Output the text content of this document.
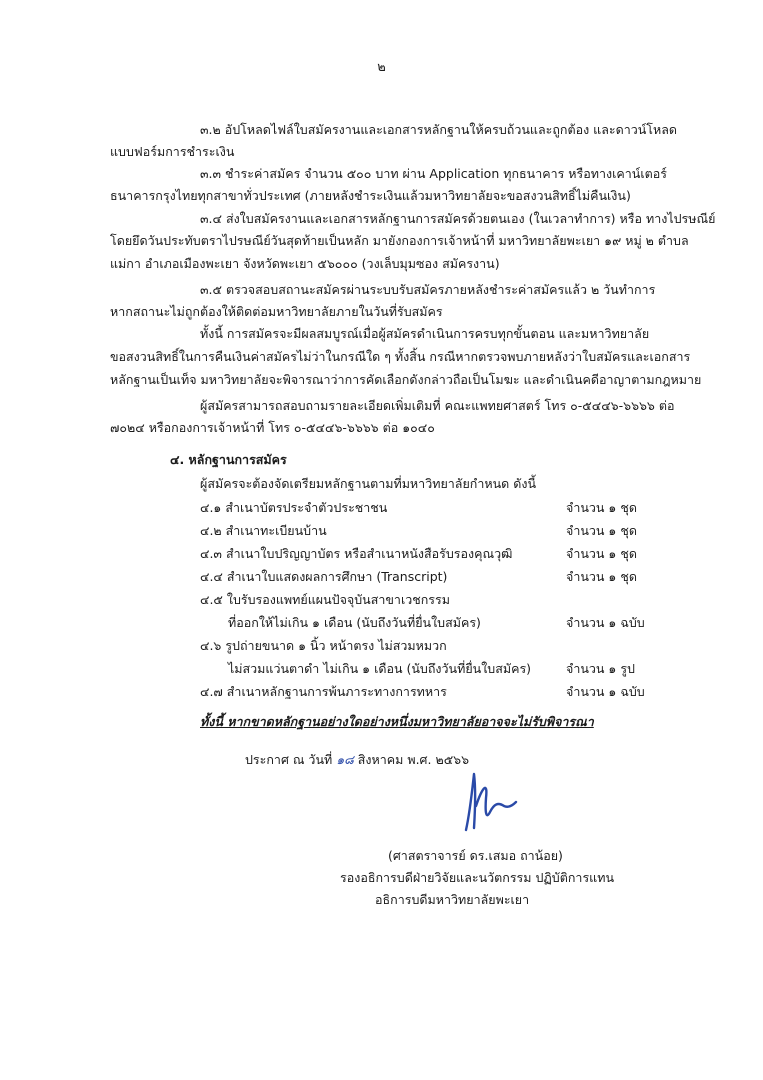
๒
๓.๒ อัปโหลดไฟล์ใบสมัครงานและเอกสารหลักฐานให้ครบถ้วนและถูกต้อง และดาวน์โหลด
แบบฟอร์มการชำระเงิน
๓.๓ ชำระค่าสมัคร จำนวน ๕๐๐ บาท ผ่าน Application ทุกธนาคาร หรือทางเคาน์เตอร์
ธนาคารกรุงไทยทุกสาขาทั่วประเทศ (ภายหลังชำระเงินแล้วมหาวิทยาลัยจะขอสงวนสิทธิ์ไม่คืนเงิน)
๓.๔ ส่งใบสมัครงานและเอกสารหลักฐานการสมัครด้วยตนเอง (ในเวลาทำการ) หรือ ทางไปรษณีย์
โดยยึดวันประทับตราไปรษณีย์วันสุดท้ายเป็นหลัก มายังกองการเจ้าหน้าที่ มหาวิทยาลัยพะเยา ๑๙ หมู่ ๒ ตำบล
แม่กา อำเภอเมืองพะเยา จังหวัดพะเยา ๕๖๐๐๐ (วงเล็บมุมซอง สมัครงาน)
๓.๕ ตรวจสอบสถานะสมัครผ่านระบบรับสมัครภายหลังชำระค่าสมัครแล้ว ๒ วันทำการ
หากสถานะไม่ถูกต้องให้ติดต่อมหาวิทยาลัยภายในวันที่รับสมัคร
ทั้งนี้ การสมัครจะมีผลสมบูรณ์เมื่อผู้สมัครดำเนินการครบทุกขั้นตอน และมหาวิทยาลัย
ขอสงวนสิทธิ์ในการคืนเงินค่าสมัครไม่ว่าในกรณีใด ๆ ทั้งสิ้น กรณีหากตรวจพบภายหลังว่าใบสมัครและเอกสาร
หลักฐานเป็นเท็จ มหาวิทยาลัยจะพิจารณาว่าการคัดเลือกดังกล่าวถือเป็นโมฆะ และดำเนินคดีอาญาตามกฎหมาย
ผู้สมัครสามารถสอบถามรายละเอียดเพิ่มเติมที่ คณะแพทยศาสตร์ โทร ๐-๕๔๔๖-๖๖๖๖ ต่อ
๗๐๒๔ หรือกองการเจ้าหน้าที่ โทร ๐-๕๔๔๖-๖๖๖๖ ต่อ ๑๐๔๐
๔. หลักฐานการสมัคร
ผู้สมัครจะต้องจัดเตรียมหลักฐานตามที่มหาวิทยาลัยกำหนด ดังนี้
๔.๑ สำเนาบัตรประจำตัวประชาชน	จำนวน ๑ ชุด
๔.๒ สำเนาทะเบียนบ้าน	จำนวน ๑ ชุด
๔.๓ สำเนาใบปริญญาบัตร หรือสำเนาหนังสือรับรองคุณวุฒิ	จำนวน ๑ ชุด
๔.๔ สำเนาใบแสดงผลการศึกษา (Transcript)	จำนวน ๑ ชุด
๔.๕ ใบรับรองแพทย์แผนปัจจุบันสาขาเวชกรรม
ที่ออกให้ไม่เกิน ๑ เดือน (นับถึงวันที่ยื่นใบสมัคร)	จำนวน ๑ ฉบับ
๔.๖ รูปถ่ายขนาด ๑ นิ้ว หน้าตรง ไม่สวมหมวก
ไม่สวมแว่นตาดำ ไม่เกิน ๑ เดือน (นับถึงวันที่ยื่นใบสมัคร)	จำนวน ๑ รูป
๔.๗ สำเนาหลักฐานการพ้นภาระทางการทหาร	จำนวน ๑ ฉบับ
ทั้งนี้ หากขาดหลักฐานอย่างใดอย่างหนึ่งมหาวิทยาลัยอาจจะไม่รับพิจารณา
ประกาศ ณ วันที่ ๑๘ สิงหาคม พ.ศ. ๒๕๖๖
(ศาสตราจารย์ ดร.เสมอ ถาน้อย)
รองอธิการบดีฝ่ายวิจัยและนวัตกรรม ปฏิบัติการแทน
อธิการบดีมหาวิทยาลัยพะเยา
